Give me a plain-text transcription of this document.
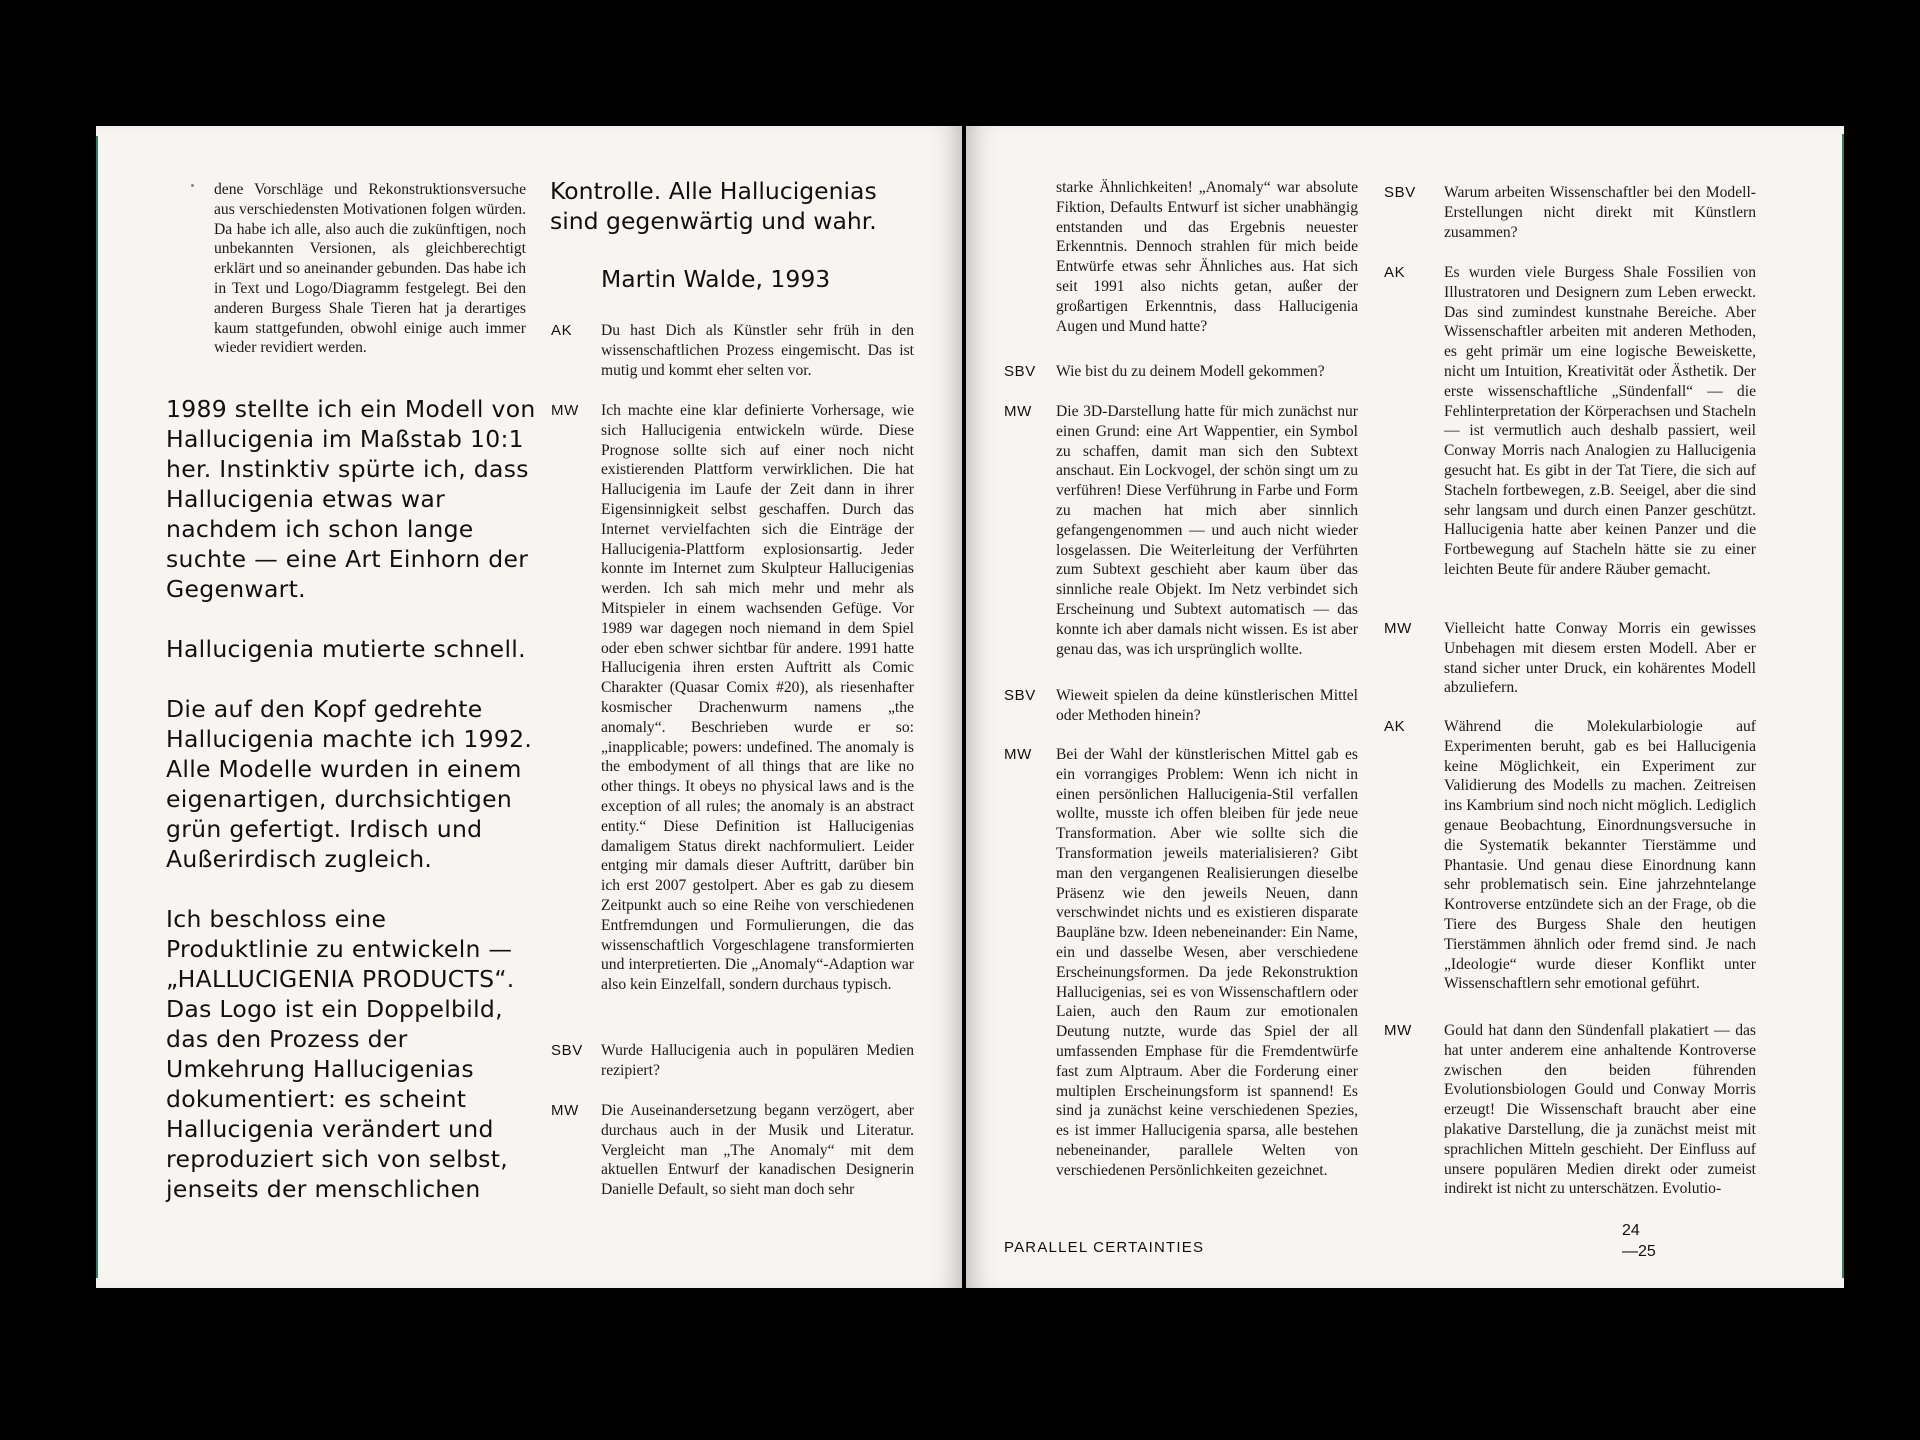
dene Vorschläge und Rekonstruktionsversuche aus verschiedensten Motivationen folgen würden. Da habe ich alle, also auch die zukünftigen, noch unbekannten Versionen, als gleichberechtigt erklärt und so aneinander gebunden. Das habe ich in Text und Logo/Diagramm festgelegt. Bei den anderen Burgess Shale Tieren hat ja derartiges kaum stattgefunden, obwohl einige auch immer wieder revidiert werden.

1989 stellte ich ein Modell von Hallucigenia im Maßstab 10:1 her. Instinktiv spürte ich, dass Hallucigenia etwas war nachdem ich schon lange suchte — eine Art Einhorn der Gegenwart.

Hallucigenia mutierte schnell.

Die auf den Kopf gedrehte Hallucigenia machte ich 1992. Alle Modelle wurden in einem eigenartigen, durchsichtigen grün gefertigt. Irdisch und Außerirdisch zugleich.

Ich beschloss eine Produktlinie zu entwickeln — „HALLUCIGENIA PRODUCTS“. Das Logo ist ein Doppelbild, das den Prozess der Umkehrung Hallucigenias dokumentiert: es scheint Hallucigenia verändert und reproduziert sich von selbst, jenseits der menschlichen

Kontrolle. Alle Hallucigenias sind gegenwärtig und wahr.
Martin Walde, 1993
AK Du hast Dich als Künstler sehr früh in den wissenschaftlichen Prozess eingemischt. Das ist mutig und kommt eher selten vor.
MW Ich machte eine klar definierte Vorhersage, wie sich Hallucigenia entwickeln würde. Diese Prognose sollte sich auf einer noch nicht existierenden Plattform verwirklichen. Die hat Hallucigenia im Laufe der Zeit dann in ihrer Eigensinnigkeit selbst geschaffen. Durch das Internet vervielfachten sich die Einträge der Hallucigenia-Plattform explosionsartig. Jeder konnte im Internet zum Skulpteur Hallucigenias werden. Ich sah mich mehr und mehr als Mitspieler in einem wachsenden Gefüge. Vor 1989 war dagegen noch niemand in dem Spiel oder eben schwer sichtbar für andere. 1991 hatte Hallucigenia ihren ersten Auftritt als Comic Charakter (Quasar Comix #20), als riesenhafter kosmischer Drachenwurm namens „the anomaly“. Beschrieben wurde er so: „inapplicable; powers: undefined. The anomaly is the embodyment of all things that are like no other things. It obeys no physical laws and is the exception of all rules; the anomaly is an abstract entity.“ Diese Definition ist Hallucigenias damaligem Status direkt nachformuliert. Leider entging mir damals dieser Auftritt, darüber bin ich erst 2007 gestolpert. Aber es gab zu diesem Zeitpunkt auch so eine Reihe von verschiedenen Entfremdungen und Formulierungen, die das wissenschaftlich Vorgeschlagene transformierten und interpretierten. Die „Anomaly“-Adaption war also kein Einzelfall, sondern durchaus typisch.
SBV Wurde Hallucigenia auch in populären Medien rezipiert?
MW Die Auseinandersetzung begann verzögert, aber durchaus auch in der Musik und Literatur. Vergleicht man „The Anomaly“ mit dem aktuellen Entwurf der kanadischen Designerin Danielle Default, so sieht man doch sehr
starke Ähnlichkeiten! „Anomaly“ war absolute Fiktion, Defaults Entwurf ist sicher unabhängig entstanden und das Ergebnis neuester Erkenntnis. Dennoch strahlen für mich beide Entwürfe etwas sehr Ähnliches aus. Hat sich seit 1991 also nichts getan, außer der großartigen Erkenntnis, dass Hallucigenia Augen und Mund hatte?
SBV Wie bist du zu deinem Modell gekommen?
MW Die 3D-Darstellung hatte für mich zunächst nur einen Grund: eine Art Wappentier, ein Symbol zu schaffen, damit man sich den Subtext anschaut. Ein Lockvogel, der schön singt um zu verführen! Diese Verführung in Farbe und Form zu machen hat mich aber sinnlich gefangengenommen — und auch nicht wieder losgelassen. Die Weiterleitung der Verführten zum Subtext geschieht aber kaum über das sinnliche reale Objekt. Im Netz verbindet sich Erscheinung und Subtext automatisch — das konnte ich aber damals nicht wissen. Es ist aber genau das, was ich ursprünglich wollte.
SBV Wieweit spielen da deine künstlerischen Mittel oder Methoden hinein?
MW Bei der Wahl der künstlerischen Mittel gab es ein vorrangiges Problem: Wenn ich nicht in einen persönlichen Hallucigenia-Stil verfallen wollte, musste ich offen bleiben für jede neue Transformation. Aber wie sollte sich die Transformation jeweils materialisieren? Gibt man den vergangenen Realisierungen dieselbe Präsenz wie den jeweils Neuen, dann verschwindet nichts und es existieren disparate Baupläne bzw. Ideen nebeneinander: Ein Name, ein und dasselbe Wesen, aber verschiedene Erscheinungsformen. Da jede Rekonstruktion Hallucigenias, sei es von Wissenschaftlern oder Laien, auch den Raum zur emotionalen Deutung nutzte, wurde das Spiel der all umfassenden Emphase für die Fremdentwürfe fast zum Alptraum. Aber die Forderung einer multiplen Erscheinungsform ist spannend! Es sind ja zunächst keine verschiedenen Spezies, es ist immer Hallucigenia sparsa, alle bestehen nebeneinander, parallele Welten von verschiedenen Persönlichkeiten gezeichnet.
SBV Warum arbeiten Wissenschaftler bei den Modell-Erstellungen nicht direkt mit Künstlern zusammen?
AK Es wurden viele Burgess Shale Fossilien von Illustratoren und Designern zum Leben erweckt. Das sind zumindest kunstnahe Bereiche. Aber Wissenschaftler arbeiten mit anderen Methoden, es geht primär um eine logische Beweiskette, nicht um Intuition, Kreativität oder Ästhetik. Der erste wissenschaftliche „Sündenfall“ — die Fehlinterpretation der Körperachsen und Stacheln — ist vermutlich auch deshalb passiert, weil Conway Morris nach Analogien zu Hallucigenia gesucht hat. Es gibt in der Tat Tiere, die sich auf Stacheln fortbewegen, z.B. Seeigel, aber die sind sehr langsam und durch einen Panzer geschützt. Hallucigenia hatte aber keinen Panzer und die Fortbewegung auf Stacheln hätte sie zu einer leichten Beute für andere Räuber gemacht.
MW Vielleicht hatte Conway Morris ein gewisses Unbehagen mit diesem ersten Modell. Aber er stand sicher unter Druck, ein kohärentes Modell abzuliefern.
AK Während die Molekularbiologie auf Experimenten beruht, gab es bei Hallucigenia keine Möglichkeit, ein Experiment zur Validierung des Modells zu machen. Zeitreisen ins Kambrium sind noch nicht möglich. Lediglich genaue Beobachtung, Einordnungsversuche in die Systematik bekannter Tierstämme und Phantasie. Und genau diese Einordnung kann sehr problematisch sein. Eine jahrzehntelange Kontroverse entzündete sich an der Frage, ob die Tiere des Burgess Shale den heutigen Tierstämmen ähnlich oder fremd sind. Je nach „Ideologie“ wurde dieser Konflikt unter Wissenschaftlern sehr emotional geführt.
MW Gould hat dann den Sündenfall plakatiert — das hat unter anderem eine anhaltende Kontroverse zwischen den beiden führenden Evolutionsbiologen Gould und Conway Morris erzeugt! Die Wissenschaft braucht aber eine plakative Darstellung, die ja zunächst meist mit sprachlichen Mitteln geschieht. Der Einfluss auf unsere populären Medien direkt oder zumeist indirekt ist nicht zu unterschätzen. Evolutio-
PARALLEL CERTAINTIES
24
—25
